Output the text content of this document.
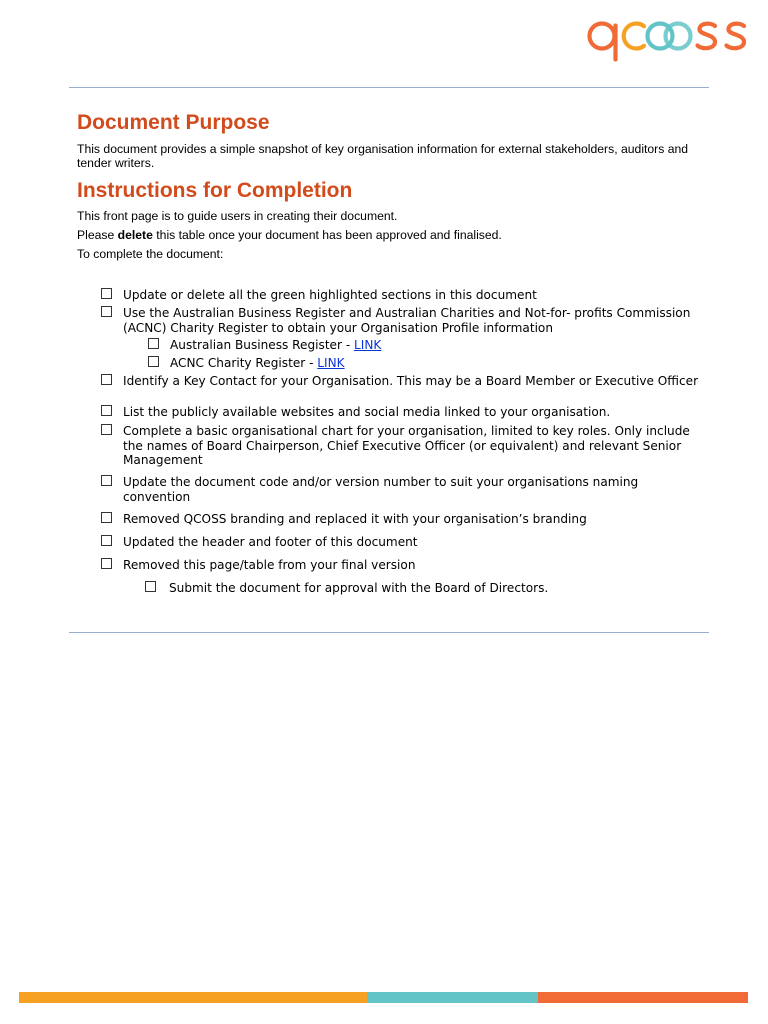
Document Purpose

This document provides a simple snapshot of key organisation information for external stakeholders, auditors and tender writers.

Instructions for Completion

This front page is to guide users in creating their document.

Please delete this table once your document has been approved and finalised.

To complete the document:

Update or delete all the green highlighted sections in this document

Use the Australian Business Register and Australian Charities and Not-for- profits Commission (ACNC) Charity Register to obtain your Organisation Profile information

Australian Business Register - LINK

ACNC Charity Register - LINK

Identify a Key Contact for your Organisation. This may be a Board Member or Executive Officer

List the publicly available websites and social media linked to your organisation.

Complete a basic organisational chart for your organisation, limited to key roles. Only include the names of Board Chairperson, Chief Executive Officer (or equivalent) and relevant Senior Management

Update the document code and/or version number to suit your organisations naming convention

Removed QCOSS branding and replaced it with your organisation’s branding

Updated the header and footer of this document

Removed this page/table from your final version

Submit the document for approval with the Board of Directors.
